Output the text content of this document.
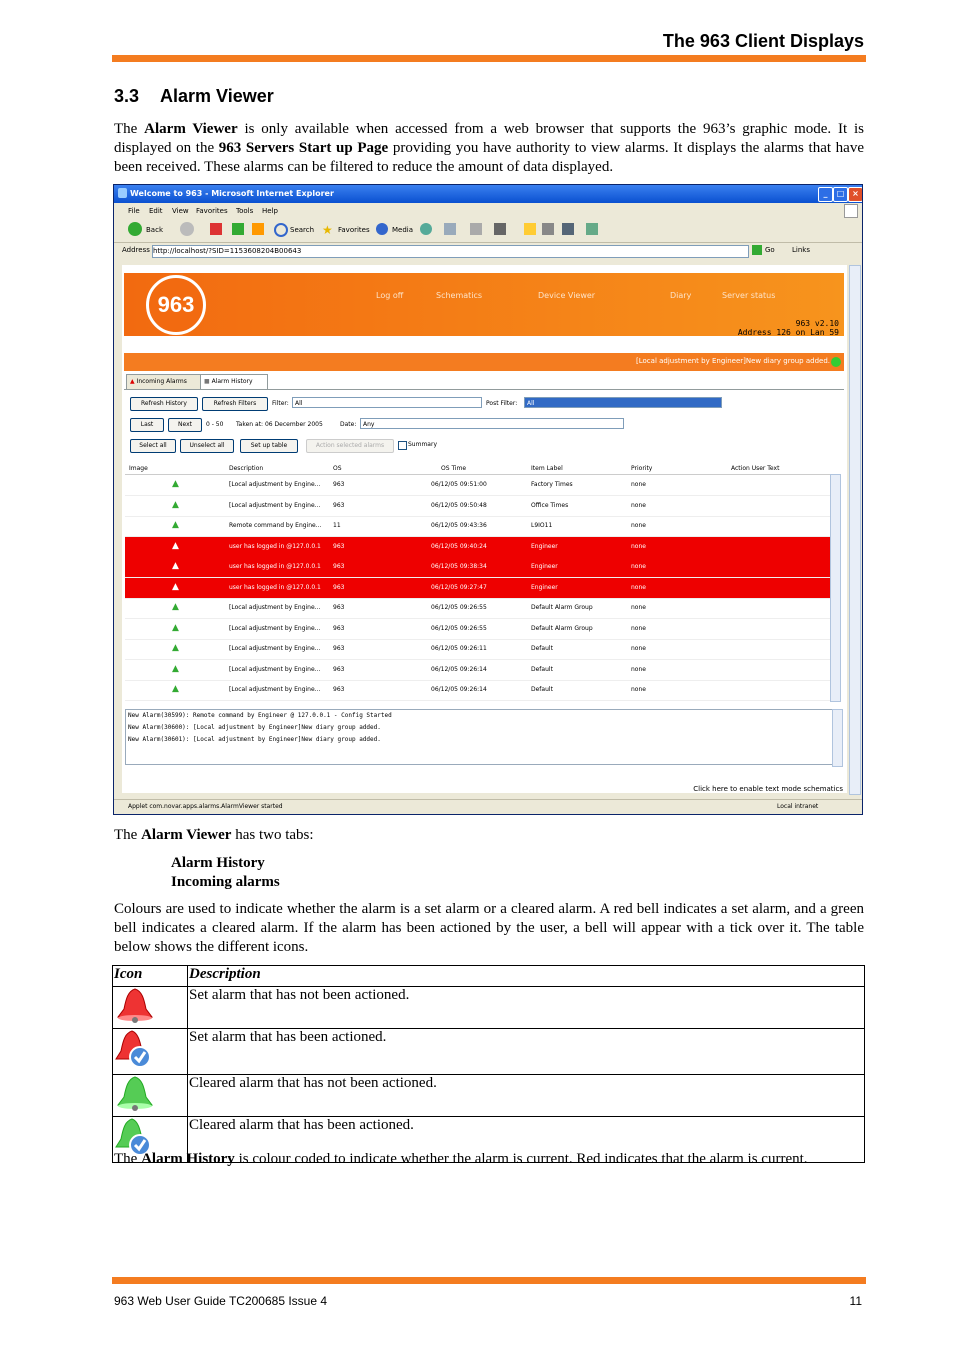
The 963 Client Displays
3.3 Alarm Viewer
The Alarm Viewer is only available when accessed from a web browser that supports the 963’s graphic mode. It is displayed on the 963 Servers Start up Page providing you have authority to view alarms. It displays the alarms that have been received. These alarms can be filtered to reduce the amount of data displayed.
Welcome to 963 - Microsoft Internet Explorer	_	□ ×
File Edit View Favorites Tools Help
Back	Search ★ Favorites	Media
Address http://localhost/?SID=1153608204B00643	Go Links
963	Log off	Schematics	Device Viewer	Diary	Server status
963 v2.10
Address 126 on Lan 59
[Local adjustment by Engineer]New diary group added.
▲ Incoming Alarms	■ Alarm History
Refresh History	Refresh Filters	Filter:	All	Post Filter:	All
Last	Next	0 - 50 Taken at: 06 December 2005	Date:	Any
Select all	Unselect all	Set up table	Action selected alarms	Summary
Image	Description	OS	OS Time	Item Label	Priority	Action User Text
▲	[Local adjustment by Engine... 963	06/12/05 09:51:00	Factory Times	none
▲	[Local adjustment by Engine... 963	06/12/05 09:50:48	Office Times	none
▲	Remote command by Engine... 11	06/12/05 09:43:36	L9IO11	none
▲	user has logged in @127.0.0.1 963	06/12/05 09:40:24	Engineer	none
▲	user has logged in @127.0.0.1 963	06/12/05 09:38:34	Engineer	none
▲	user has logged in @127.0.0.1 963	06/12/05 09:27:47	Engineer	none
▲	[Local adjustment by Engine... 963	06/12/05 09:26:55	Default Alarm Group	none
▲	[Local adjustment by Engine... 963	06/12/05 09:26:55	Default Alarm Group	none
▲	[Local adjustment by Engine... 963	06/12/05 09:26:11	Default	none
▲	[Local adjustment by Engine... 963	06/12/05 09:26:14	Default	none
▲	[Local adjustment by Engine... 963	06/12/05 09:26:14	Default	none
New Alarm(30599): Remote command by Engineer @ 127.0.0.1 - Config Started
New Alarm(30600): [Local adjustment by Engineer]New diary group added.
New Alarm(30601): [Local adjustment by Engineer]New diary group added.
Click here to enable text mode schematics
Applet com.novar.apps.alarms.AlarmViewer started	Local intranet
The Alarm Viewer has two tabs:
Alarm History
Incoming alarms
Colours are used to indicate whether the alarm is a set alarm or a cleared alarm. A red bell indicates a set alarm, and a green bell indicates a cleared alarm. If the alarm has been actioned by the user, a bell will appear with a tick over it. The table below shows the different icons.
Icon	Description
	Set alarm that has not been actioned.
	Set alarm that has been actioned.
	Cleared alarm that has not been actioned.
	Cleared alarm that has been actioned.
The Alarm History is colour coded to indicate whether the alarm is current. Red indicates that the alarm is current.
963 Web User Guide TC200685 Issue 4	11
